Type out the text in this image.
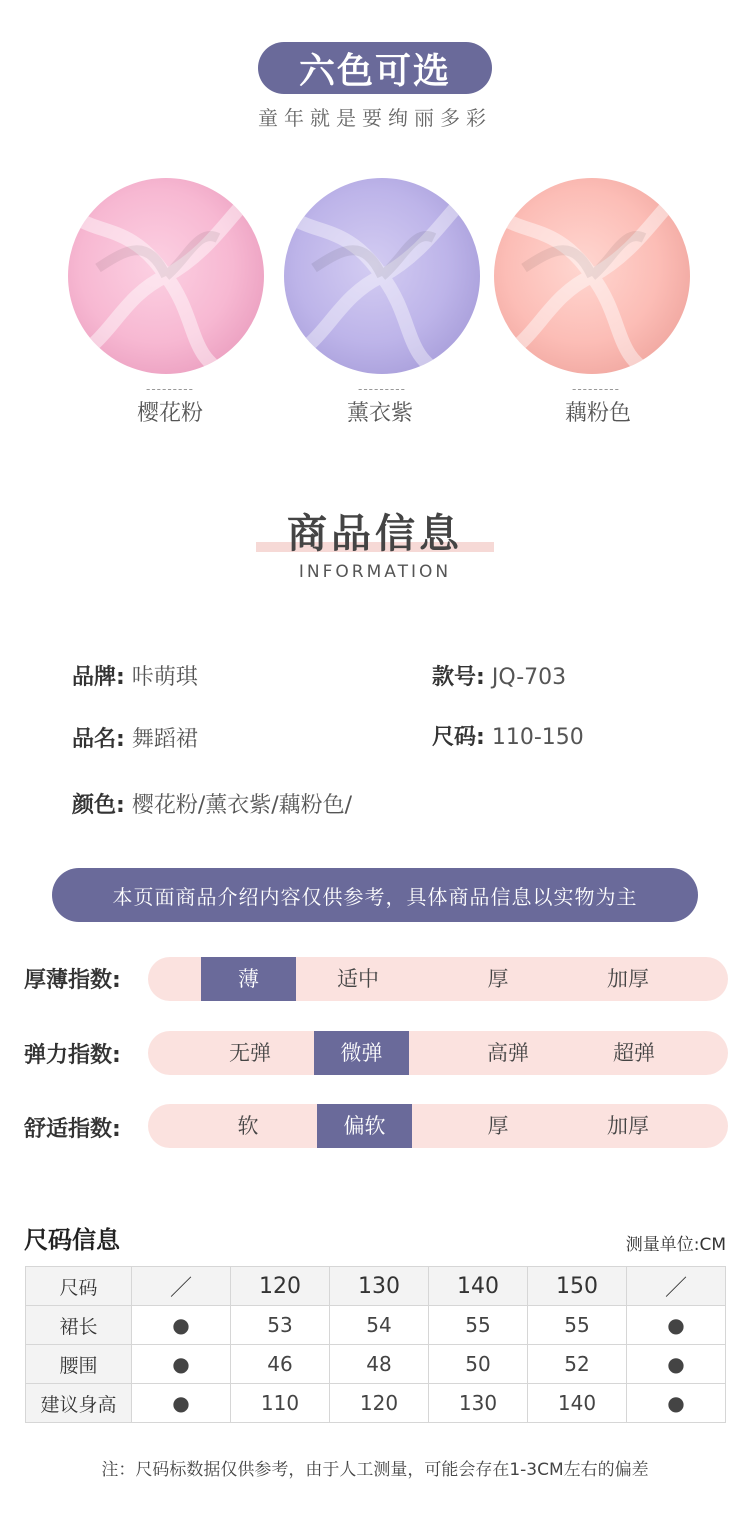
六色可选
童年就是要绚丽多彩
---------	---------	---------
樱花粉	薰衣紫	藕粉色
商品信息
INFORMATION
品牌: 咔萌琪	款号: JQ-703
品名: 舞蹈裙	尺码: 110-150
颜色: 樱花粉/薰衣紫/藕粉色/
本页面商品介绍内容仅供参考，具体商品信息以实物为主
厚薄指数:	薄	适中	厚	加厚
弹力指数:	无弹	微弹	高弹	超弹
舒适指数:	软	偏软	厚	加厚
尺码信息	测量单位:CM
尺码	／	120	130	140	150	／
裙长	●	53	54	55	55	●
腰围	●	46	48	50	52	●
建议身高	●	110	120	130	140	●
注：尺码标数据仅供参考，由于人工测量，可能会存在1-3CM左右的偏差
